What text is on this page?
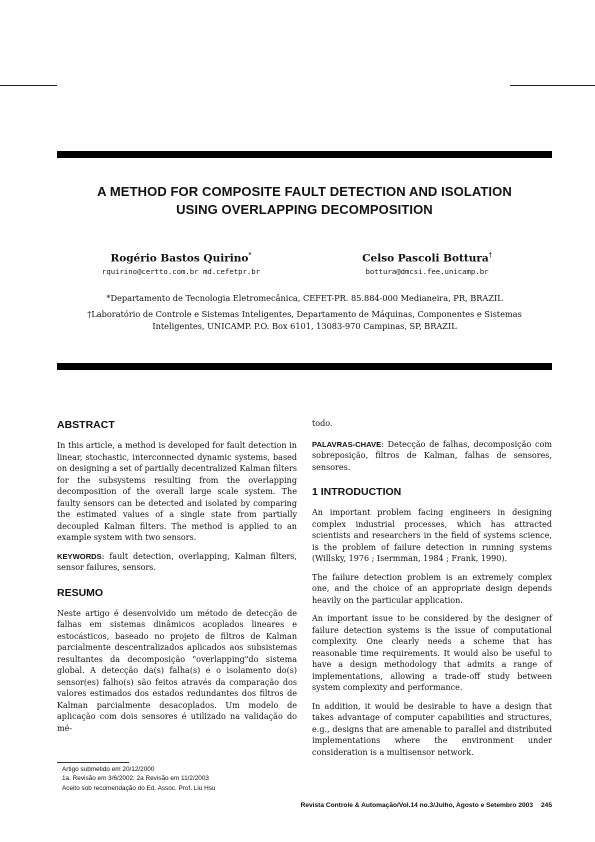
A METHOD FOR COMPOSITE FAULT DETECTION AND ISOLATION
USING OVERLAPPING DECOMPOSITION
Rogério Bastos Quirino*
rquirino@certto.com.br md.cefetpr.br
Celso Pascoli Bottura†
bottura@dmcsi.fee.unicamp.br
*Departamento de Tecnologia Eletromecânica, CEFET-PR. 85.884-000 Medianeira, PR, BRAZIL
†Laboratório de Controle e Sistemas Inteligentes, Departamento de Máquinas, Componentes e Sistemas
Inteligentes, UNICAMP. P.O. Box 6101, 13083-970 Campinas, SP, BRAZIL
ABSTRACT

In this article, a method is developed for fault detection in linear, stochastic, interconnected dynamic systems, based on designing a set of partially decentralized Kalman filters for the subsystems resulting from the overlapping decomposition of the overall large scale system. The faulty sensors can be detected and isolated by comparing the estimated values of a single state from partially decoupled Kalman filters. The method is applied to an example system with two sensors.

KEYWORDS: fault detection, overlapping, Kalman filters, sensor failures, sensors.

RESUMO

Neste artigo é desenvolvido um método de detecção de falhas em sistemas dinâmicos acoplados lineares e estocásticos, baseado no projeto de filtros de Kalman parcialmente descentralizados aplicados aos subsistemas resultantes da decomposição "overlapping"do sistema global. A detecção da(s) falha(s) e o isolamento do(s) sensor(es) falho(s) são feitos através da comparação dos valores estimados dos estados redundantes dos filtros de Kalman parcialmente desacoplados. Um modelo de aplicação com dois sensores é utilizado na validação do mé-

todo.

PALAVRAS-CHAVE: Detecção de falhas, decomposição com sobreposição, filtros de Kalman, falhas de sensores, sensores.

1 INTRODUCTION

An important problem facing engineers in designing complex industrial processes, which has attracted scientists and researchers in the field of systems science, is the problem of failure detection in running systems (Willsky, 1976 ; Isermman, 1984 ; Frank, 1990).

The failure detection problem is an extremely complex one, and the choice of an appropriate design depends heavily on the particular application.

An important issue to be considered by the designer of failure detection systems is the issue of computational complexity. One clearly needs a scheme that has reasonable time requirements. It would also be useful to have a design methodology that admits a range of implementations, allowing a trade-off study between system complexity and performance.

In addition, it would be desirable to have a design that takes advantage of computer capabilities and structures, e.g., designs that are amenable to parallel and distributed implementations where the environment under consideration is a multisensor network.

Artigo submetido em 20/12/2000
1a. Revisão em 3/6/2002; 2a Revisão em 11/2/2003
Aceito sob recomendação do Ed. Assoc. Prof. Liu Hsu
Revista Controle & Automação/Vol.14 no.3/Julho, Agosto e Setembro 2003 245
